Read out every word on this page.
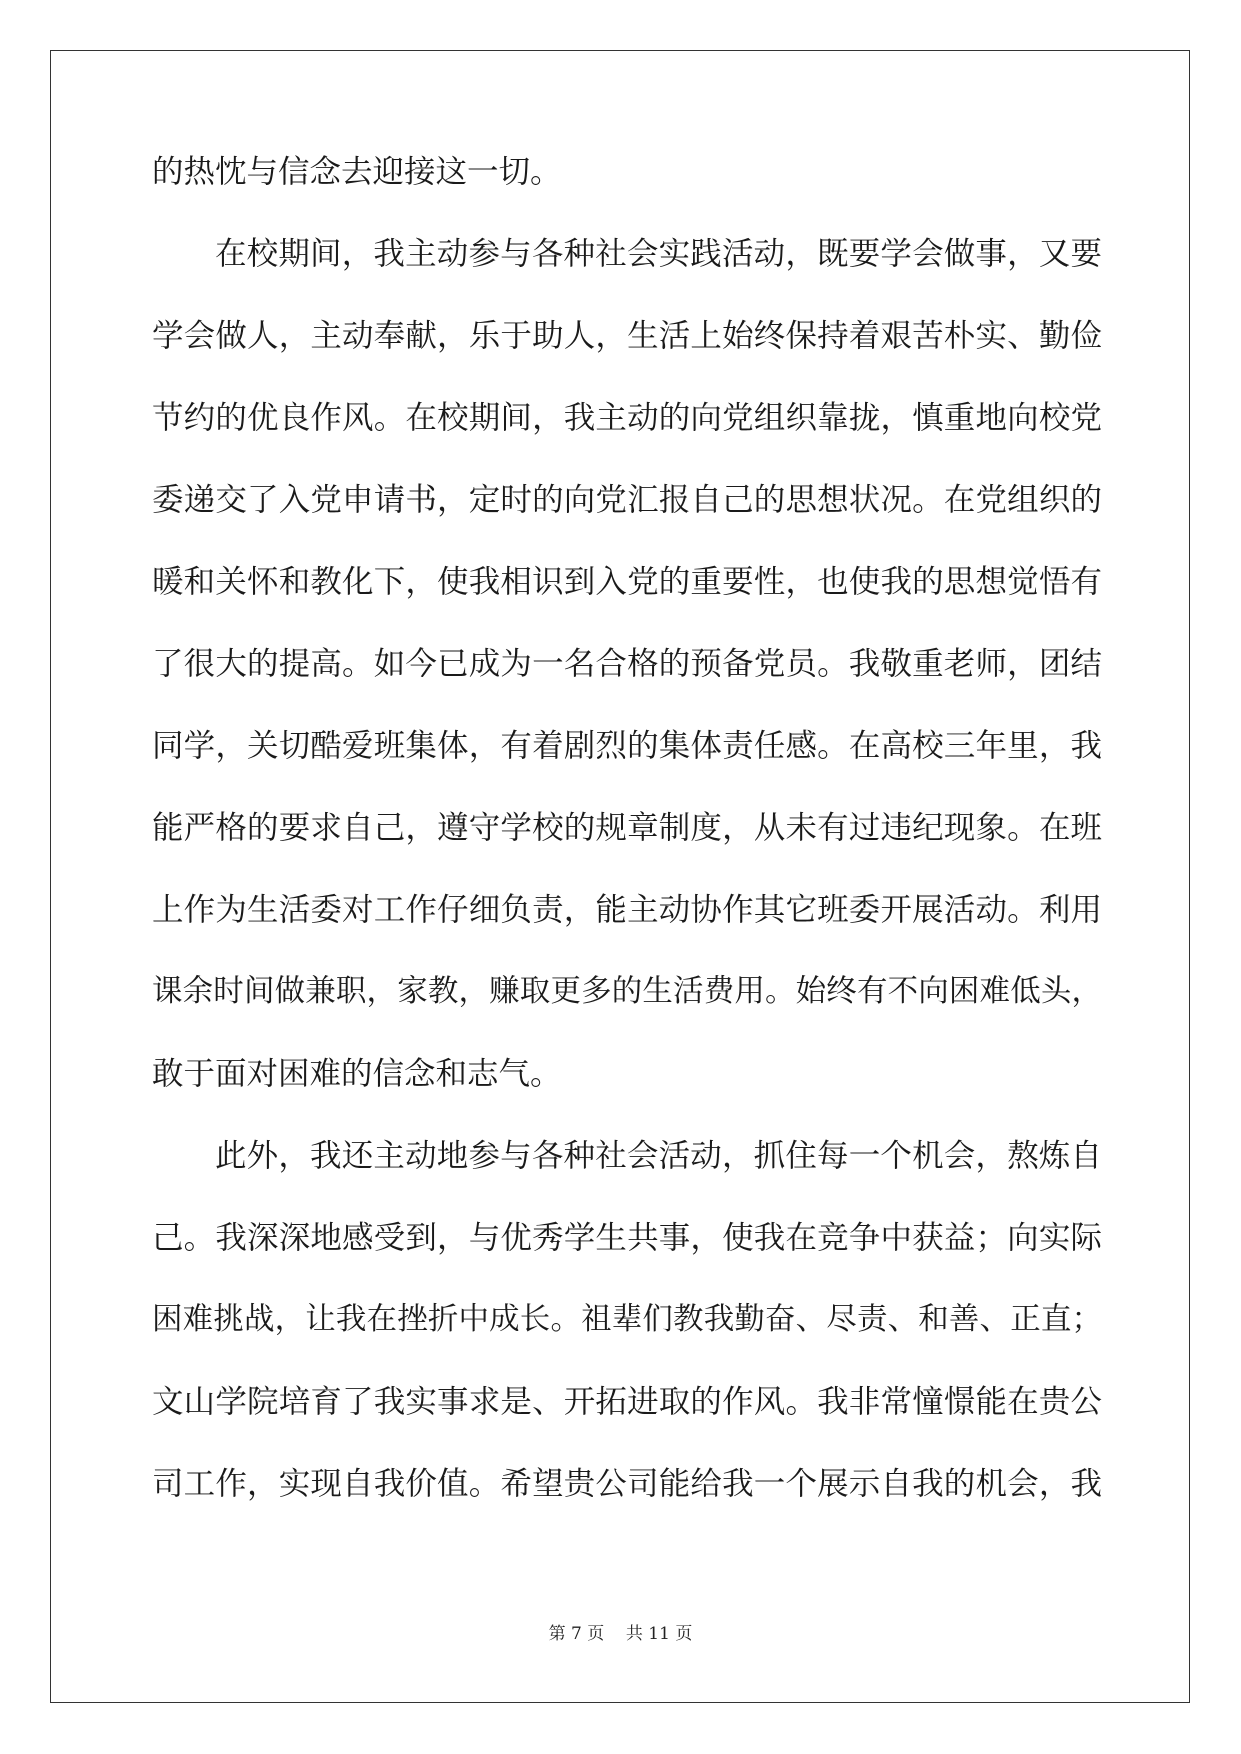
的热忱与信念去迎接这一切。
在校期间，我主动参与各种社会实践活动，既要学会做事，又要
学会做人，主动奉献，乐于助人，生活上始终保持着艰苦朴实、勤俭
节约的优良作风。在校期间，我主动的向党组织靠拢，慎重地向校党
委递交了入党申请书，定时的向党汇报自己的思想状况。在党组织的
暖和关怀和教化下，使我相识到入党的重要性，也使我的思想觉悟有
了很大的提高。如今已成为一名合格的预备党员。我敬重老师，团结
同学，关切酷爱班集体，有着剧烈的集体责任感。在高校三年里，我
能严格的要求自己，遵守学校的规章制度，从未有过违纪现象。在班
上作为生活委对工作仔细负责，能主动协作其它班委开展活动。利用
课余时间做兼职，家教，赚取更多的生活费用。始终有不向困难低头，
敢于面对困难的信念和志气。
此外，我还主动地参与各种社会活动，抓住每一个机会，熬炼自
己。我深深地感受到，与优秀学生共事，使我在竞争中获益；向实际
困难挑战，让我在挫折中成长。祖辈们教我勤奋、尽责、和善、正直；
文山学院培育了我实事求是、开拓进取的作风。我非常憧憬能在贵公
司工作，实现自我价值。希望贵公司能给我一个展示自我的机会，我
第 7 页    共 11 页
